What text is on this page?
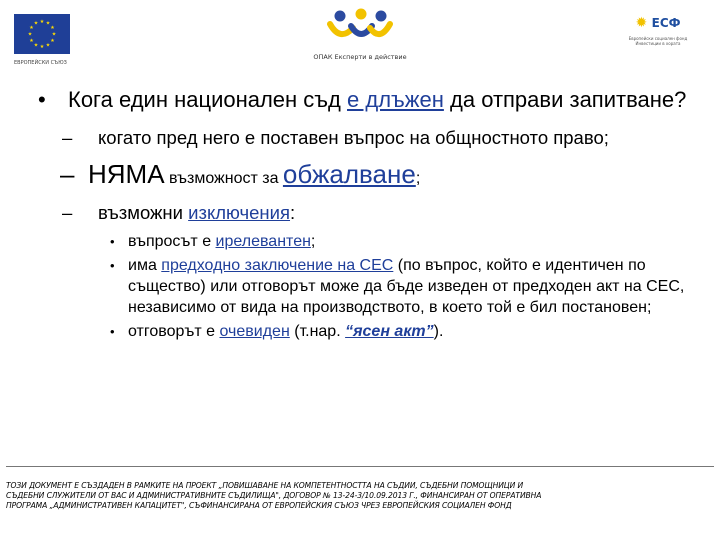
★ ★
★
★
★
★
★
★
★
★
★
★
ЕВРОПЕЙСКИ СЪЮЗ
ОПАК Експерти в действие
✹ ЕСФ
Европейски социален фонд Инвестиции в хората
• Кога един национален съд е длъжен да отправи запитване?
– когато пред него е поставен въпрос на общностното право;
– НЯМА възможност за обжалване;
– възможни изключения:
• въпросът е ирелевантен;
• има предходно заключение на СЕС (по въпрос, който е идентичен по същество) или отговорът може да бъде изведен от предходен акт на СЕС, независимо от вида на производството, в което той е бил постановен;
• отговорът е очевиден (т.нар. “ясен акт”).

ТОЗИ ДОКУМЕНТ Е СЪЗДАДЕН В РАМКИТЕ НА ПРОЕКТ „ПОВИШАВАНЕ НА КОМПЕТЕНТНОСТТА НА СЪДИИ, СЪДЕБНИ ПОМОЩНИЦИ И

СЪДЕБНИ СЛУЖИТЕЛИ ОТ ВАС И АДМИНИСТРАТИВНИТЕ СЪДИЛИЩА", ДОГОВОР № 13-24-3/10.09.2013 Г., ФИНАНСИРАН ОТ ОПЕРАТИВНА

ПРОГРАМА „АДМИНИСТРАТИВЕН КАПАЦИТЕТ", СЪФИНАНСИРАНА ОТ ЕВРОПЕЙСКИЯ СЪЮЗ ЧРЕЗ ЕВРОПЕЙСКИЯ СОЦИАЛЕН ФОНД
